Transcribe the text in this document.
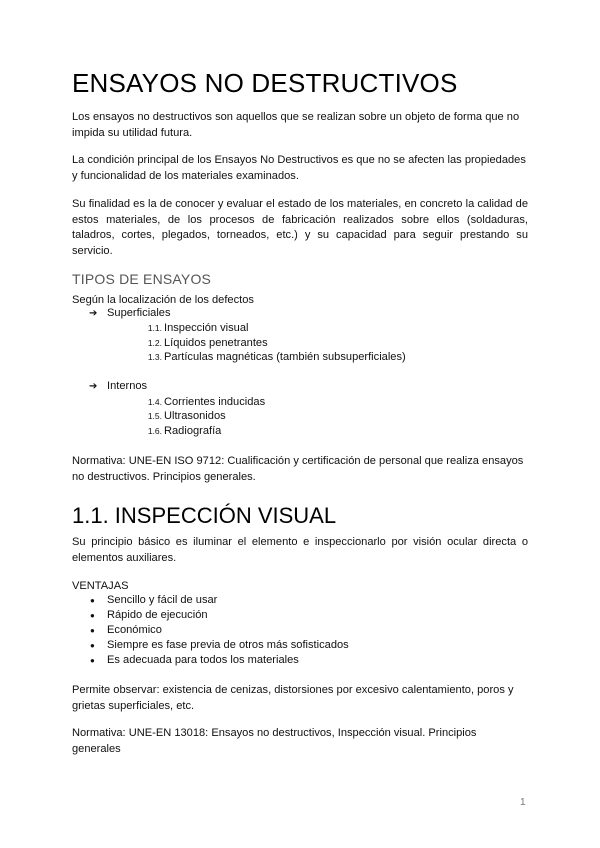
ENSAYOS NO DESTRUCTIVOS

Los ensayos no destructivos son aquellos que se realizan sobre un objeto de forma que no impida su utilidad futura.

La condición principal de los Ensayos No Destructivos es que no se afecten las propiedades y funcionalidad de los materiales examinados.

Su finalidad es la de conocer y evaluar el estado de los materiales, en concreto la calidad de estos materiales, de los procesos de fabricación realizados sobre ellos (soldaduras, taladros, cortes, plegados, torneados, etc.) y su capacidad para seguir prestando su servicio.

TIPOS DE ENSAYOS

Según la localización de los defectos

➔ Superficiales
1.1. Inspección visual
1.2. Líquidos penetrantes
1.3. Partículas magnéticas (también subsuperficiales)
➔ Internos
1.4. Corrientes inducidas
1.5. Ultrasonidos
1.6. Radiografía

Normativa: UNE-EN ISO 9712: Cualificación y certificación de personal que realiza ensayos no destructivos. Principios generales.

1.1. INSPECCIÓN VISUAL

Su principio básico es iluminar el elemento e inspeccionarlo por visión ocular directa o elementos auxiliares.

VENTAJAS

● Sencillo y fácil de usar
● Rápido de ejecución
● Económico
● Siempre es fase previa de otros más sofisticados
● Es adecuada para todos los materiales

Permite observar: existencia de cenizas, distorsiones por excesivo calentamiento, poros y grietas superficiales, etc.

Normativa: UNE-EN 13018: Ensayos no destructivos, Inspección visual. Principios generales

1
